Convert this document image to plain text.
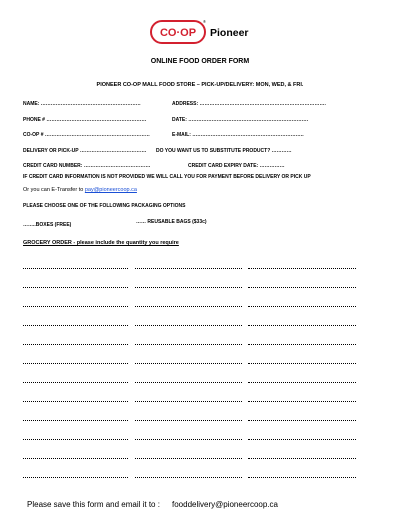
CO·OP
®
Pioneer
ONLINE FOOD ORDER FORM
PIONEER CO-OP MALL FOOD STORE – PICK-UP/DELIVERY: MON, WED, & FRI.
NAME: ……………………………………………………	ADDRESS: ………………………………………………………………….
PHONE # ……………………………………………………	DATE: ………………………………………………………………
CO-OP # ………………………………………………………	E-MAIL: ………………………………………………………….
DELIVERY OR PICK-UP …………………………………. DO YOU WANT US TO SUBSTITUTE PRODUCT? …………
CREDIT CARD NUMBER: ………………………………….	CREDIT CARD EXPIRY DATE: ……………
IF CREDIT CARD INFORMATION IS NOT PROVIDED WE WILL CALL YOU FOR PAYMENT BEFORE DELIVERY OR PICK UP
Or you can E-Transfer to pay@pioneercoop.ca
PLEASE CHOOSE ONE OF THE FOLLOWING PACKAGING OPTIONS
……..BOXES (FREE)	…… REUSABLE BAGS ($33c)
GROCERY ORDER - please include the quantity you require
Please save this form and email it to : fooddelivery@pioneercoop.ca
